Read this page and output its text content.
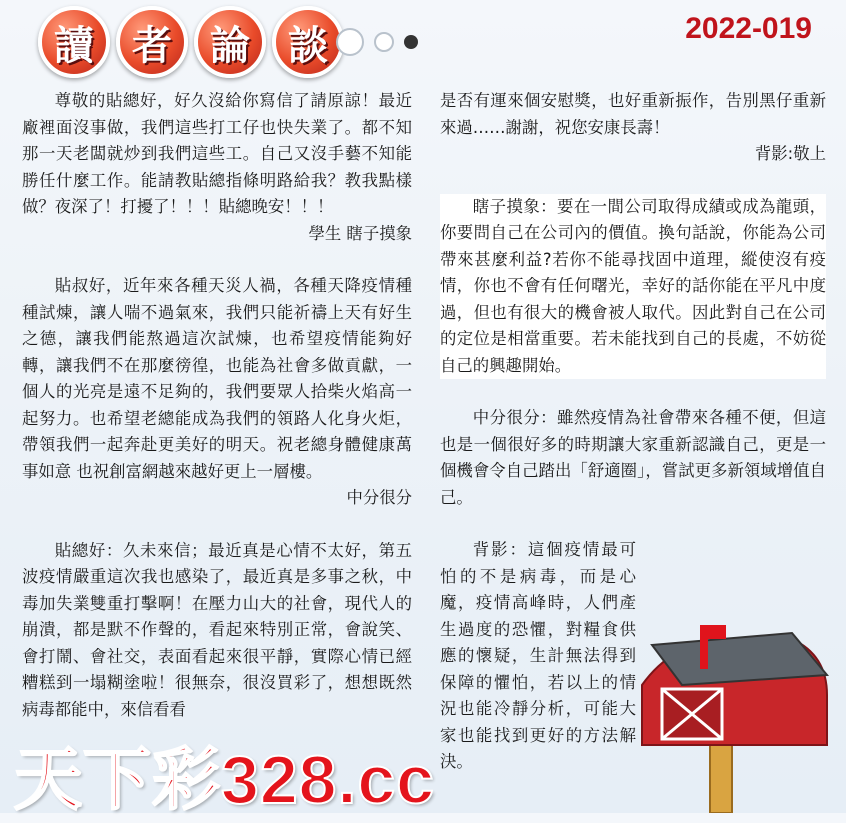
讀 者 論 談	2022-019

尊敬的貼總好，好久沒給你寫信了請原諒！最近廠裡面沒事做，我們這些打工仔也快失業了。都不知那一天老闆就炒到我們這些工。自己又沒手藝不知能勝任什麼工作。能請教貼總指條明路給我？教我點樣做？夜深了！打擾了！！！貼總晚安！！！

學生 瞎子摸象

貼叔好，近年來各種天災人禍，各種天降疫情種種試煉，讓人喘不過氣來，我們只能祈禱上天有好生之德，讓我們能熬過這次試煉，也希望疫情能夠好轉，讓我們不在那麼徬徨，也能為社會多做貢獻，一個人的光亮是遠不足夠的，我們要眾人拾柴火焰高一起努力。也希望老總能成為我們的領路人化身火炬，帶領我們一起奔赴更美好的明天。祝老總身體健康萬事如意 也祝創富網越來越好更上一層樓。

中分很分

貼總好：久未來信；最近真是心情不太好，第五波疫情嚴重這次我也感染了，最近真是多事之秋，中毒加失業雙重打擊啊！在壓力山大的社會，現代人的崩潰，都是默不作聲的，看起來特別正常，會說笑、會打鬧、會社交，表面看起來很平靜，實際心情已經糟糕到一塌糊塗啦！很無奈，很沒買彩了，想想既然病毒都能中，來信看看

是否有運來個安慰獎，也好重新振作，告別黑仔重新來過……謝謝，祝您安康長壽！

背影:敬上

瞎子摸象：要在一間公司取得成績或成為龍頭，你要問自己在公司內的價值。換句話說，你能為公司帶來甚麼利益?若你不能尋找固中道理，縱使沒有疫情，你也不會有任何曙光，幸好的話你能在平凡中度過，但也有很大的機會被人取代。因此對自己在公司的定位是相當重要。若未能找到自己的長處，不妨從自己的興趣開始。

中分很分：雖然疫情為社會帶來各種不便，但這也是一個很好多的時期讓大家重新認識自己，更是一個機會令自己踏出「舒適圈」，嘗試更多新領域增值自己。

背影：這個疫情最可怕的不是病毒，而是心魔，疫情高峰時，人們產生過度的恐懼，對糧食供應的懷疑，生計無法得到保障的懼怕，若以上的情況也能冷靜分析，可能大家也能找到更好的方法解決。

天下彩328.cc
